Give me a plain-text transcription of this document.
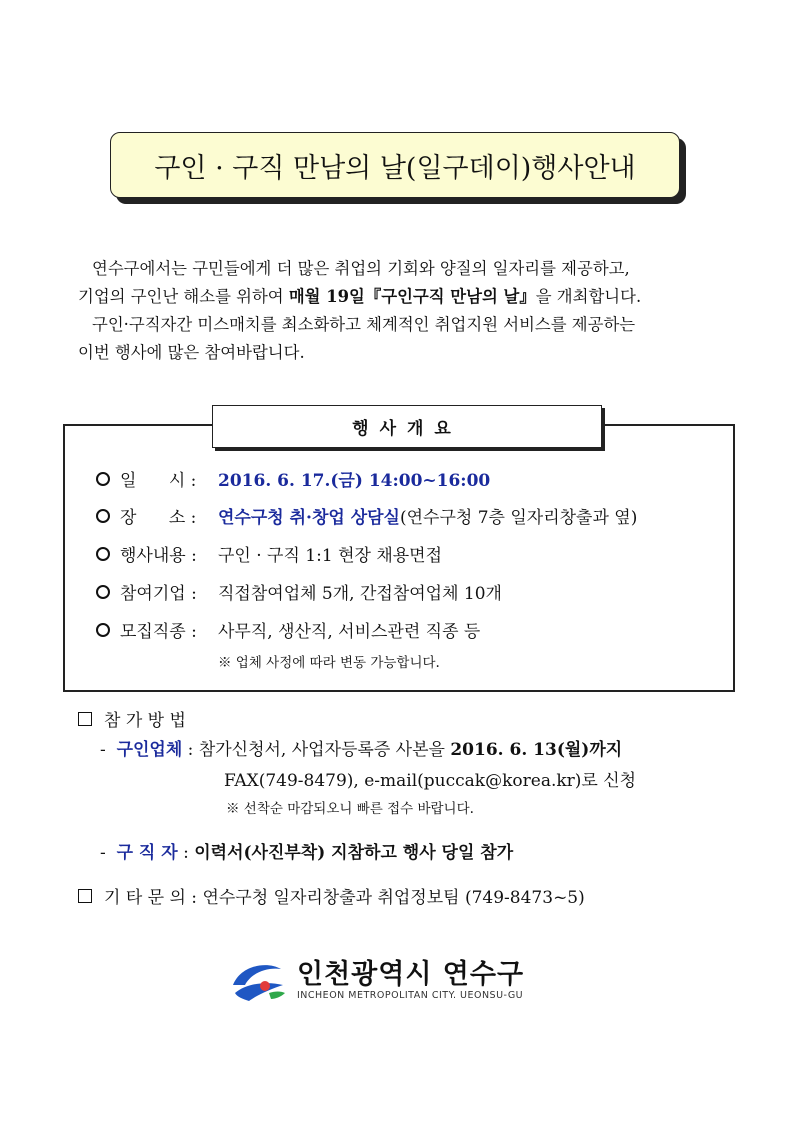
구인 · 구직 만남의 날(일구데이)행사안내

연수구에서는 구민들에게 더 많은 취업의 기회와 양질의 일자리를 제공하고,

기업의 구인난 해소를 위하여 매월 19일『구인구직 만남의 날』을 개최합니다.

구인·구직자간 미스매치를 최소화하고 체계적인 취업지원 서비스를 제공하는

이번 행사에 많은 참여바랍니다.

행사개요
일      시 :	2016. 6. 17.(금) 14:00~16:00
장      소 :	연수구청 취·창업 상담실 (연수구청 7층 일자리창출과 옆)
행사내용 :	구인 · 구직 1:1 현장 채용면접
참여기업 :	직접참여업체 5개, 간접참여업체 10개
모집직종 :	사무직, 생산직, 서비스관련 직종 등
※ 업체 사정에 따라 변동 가능합니다.
참 가 방 법
-  구인업체 : 참가신청서, 사업자등록증 사본을 2016. 6. 13(월)까지
FAX(749-8479), e-mail(puccak@korea.kr)로 신청
※ 선착순 마감되오니 빠른 접수 바랍니다.
-  구 직 자 : 이력서(사진부착) 지참하고 행사 당일 참가
기 타 문 의 :
연수구청 일자리창출과 취업정보팀 (749-8473~5)
인천광역시 연수구
INCHEON METROPOLITAN CITY. UEONSU-GU
